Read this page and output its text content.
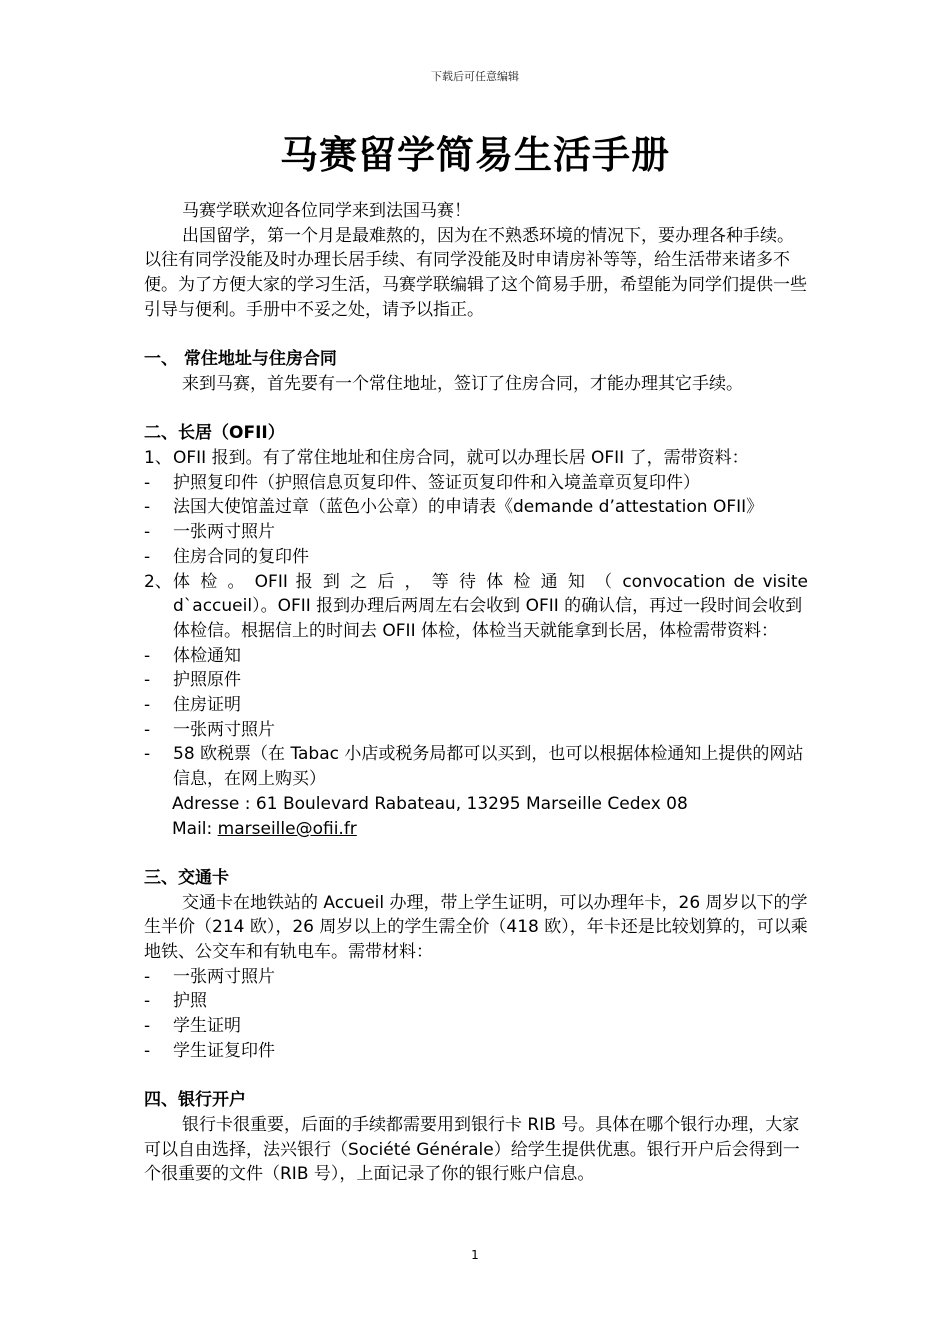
下载后可任意编辑
马赛留学简易生活手册

马赛学联欢迎各位同学来到法国马赛！

出国留学，第一个月是最难熬的，因为在不熟悉环境的情况下，要办理各种手续。以往有同学没能及时办理长居手续、有同学没能及时申请房补等等，给生活带来诸多不便。为了方便大家的学习生活，马赛学联编辑了这个简易手册，希望能为同学们提供一些引导与便利。手册中不妥之处，请予以指正。

一、 常住地址与住房合同

来到马赛，首先要有一个常住地址，签订了住房合同，才能办理其它手续。

二、长居（OFII）
1、 OFII 报到。有了常住地址和住房合同，就可以办理长居 OFII 了，需带资料：
-	护照复印件（护照信息页复印件、签证页复印件和入境盖章页复印件）
-	法国大使馆盖过章（蓝色小公章）的申请表《demande d’attestation OFII》
-	一张两寸照片
-	住房合同的复印件
2、 体 检 。 OFII 报 到 之 后 ， 等 待 体 检 通 知 （ convocation de visite
d`accueil）。OFII 报到办理后两周左右会收到 OFII 的确认信，再过一段时间会收到体检信。根据信上的时间去 OFII 体检，体检当天就能拿到长居，体检需带资料：
-	体检通知
-	护照原件
-	住房证明
-	一张两寸照片
-	58 欧税票（在 Tabac 小店或税务局都可以买到，也可以根据体检通知上提供的网站信息，在网上购买）
Adresse : 61 Boulevard Rabateau, 13295 Marseille Cedex 08
Mail: marseille@ofii.fr
三、交通卡

交通卡在地铁站的 Accueil 办理，带上学生证明，可以办理年卡，26 周岁以下的学生半价（214 欧），26 周岁以上的学生需全价（418 欧），年卡还是比较划算的，可以乘地铁、公交车和有轨电车。需带材料：

-	一张两寸照片
-	护照
-	学生证明
-	学生证复印件
四、银行开户

银行卡很重要，后面的手续都需要用到银行卡 RIB 号。具体在哪个银行办理，大家可以自由选择，法兴银行（Société Générale）给学生提供优惠。银行开户后会得到一个很重要的文件（RIB 号），上面记录了你的银行账户信息。

1
